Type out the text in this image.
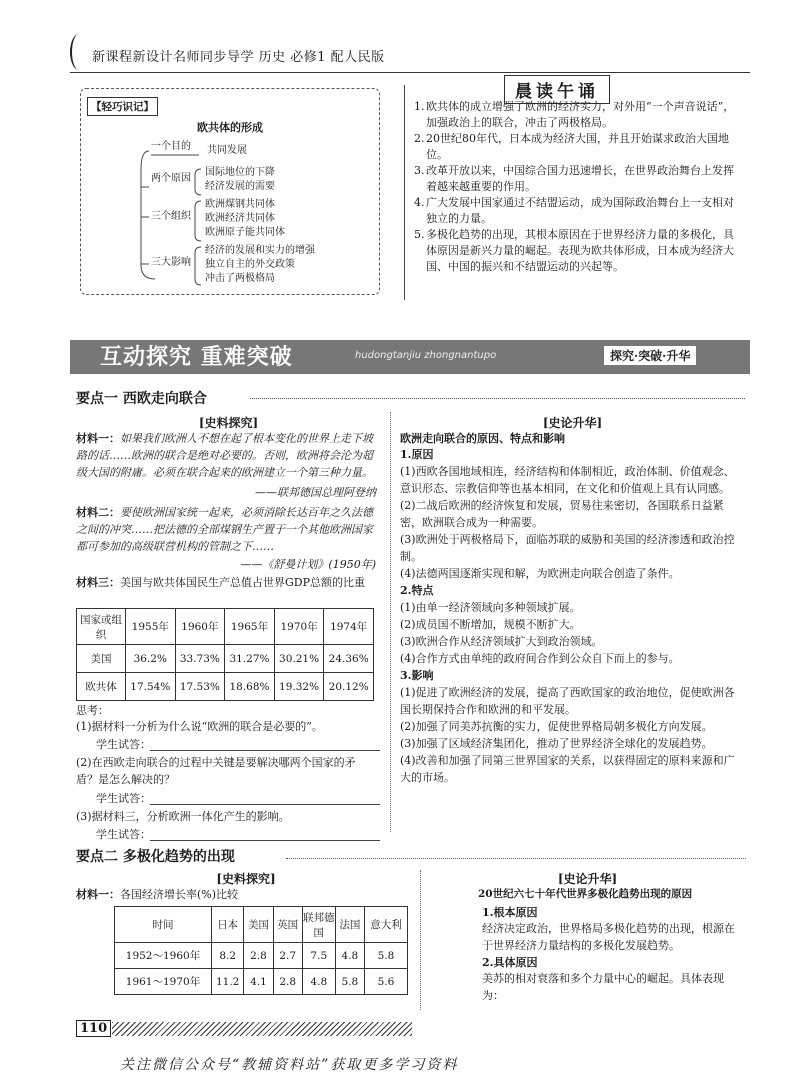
新课程新设计名师同步导学 历史 必修1 配人民版
【轻巧识记】
欧共体的形成
一个目的 共同发展
两个原因
国际地位的下降
经济发展的需要
三个组织
欧洲煤钢共同体
欧洲经济共同体
欧洲原子能共同体
三大影响
经济的发展和实力的增强
独立自主的外交政策
冲击了两极格局
晨读午诵
1. 欧共体的成立增强了欧洲的经济实力，对外用“一个声音说话”，加强政治上的联合，冲击了两极格局。
2. 20世纪80年代，日本成为经济大国，并且开始谋求政治大国地位。
3. 改革开放以来，中国综合国力迅速增长，在世界政治舞台上发挥着越来越重要的作用。
4. 广大发展中国家通过不结盟运动，成为国际政治舞台上一支相对独立的力量。
5. 多极化趋势的出现，其根本原因在于世界经济力量的多极化，具体原因是新兴力量的崛起。表现为欧共体形成，日本成为经济大国、中国的振兴和不结盟运动的兴起等。
互动探究 重难突破	hudongtanjiu zhongnantupo	探究·突破·升华
要点一 西欧走向联合
[史料探究]
材料一：如果我们欧洲人不想在起了根本变化的世界上走下坡路的话……欧洲的联合是绝对必要的。否则，欧洲将会沦为超级大国的附庸。必须在联合起来的欧洲建立一个第三种力量。
——联邦德国总理阿登纳
材料二：要使欧洲国家统一起来，必须消除长达百年之久法德之间的冲突……把法德的全部煤钢生产置于一个其他欧洲国家都可参加的高级联营机构的管制之下……
——《舒曼计划》(1950年)
材料三：美国与欧共体国民生产总值占世界GDP总额的比重
国家或组织	1955年	1960年	1965年	1970年	1974年
美国	36.2%	33.73%	31.27%	30.21%	24.36%
欧共体	17.54%	17.53%	18.68%	19.32%	20.12%
思考：
(1)据材料一分析为什么说“欧洲的联合是必要的”。
学生试答：
(2)在西欧走向联合的过程中关键是要解决哪两个国家的矛盾？是怎么解决的？
学生试答：
(3)据材料三，分析欧洲一体化产生的影响。
学生试答：
[史论升华]
欧洲走向联合的原因、特点和影响
1.原因
(1)西欧各国地域相连，经济结构和体制相近，政治体制、价值观念、意识形态、宗教信仰等也基本相同，在文化和价值观上具有认同感。
(2)二战后欧洲的经济恢复和发展，贸易往来密切，各国联系日益紧密，欧洲联合成为一种需要。
(3)欧洲处于两极格局下，面临苏联的威胁和美国的经济渗透和政治控制。
(4)法德两国逐渐实现和解，为欧洲走向联合创造了条件。
2.特点
(1)由单一经济领域向多种领域扩展。
(2)成员国不断增加，规模不断扩大。
(3)欧洲合作从经济领域扩大到政治领域。
(4)合作方式由单纯的政府间合作到公众自下而上的参与。
3.影响
(1)促进了欧洲经济的发展，提高了西欧国家的政治地位，促使欧洲各国长期保持合作和欧洲的和平发展。
(2)加强了同美苏抗衡的实力，促使世界格局朝多极化方向发展。
(3)加强了区域经济集团化，推动了世界经济全球化的发展趋势。
(4)改善和加强了同第三世界国家的关系，以获得固定的原料来源和广大的市场。
要点二 多极化趋势的出现
[史料探究]
材料一：各国经济增长率(%)比较
时间	日本	美国	英国	联邦德国	法国	意大利
1952～1960年	8.2	2.8	2.7	7.5	4.8	5.8
1961～1970年	11.2	4.1	2.8	4.8	5.8	5.6
[史论升华]
20世纪六七十年代世界多极化趋势出现的原因
1.根本原因
经济决定政治，世界格局多极化趋势的出现，根源在于世界经济力量结构的多极化发展趋势。
2.具体原因
美苏的相对衰落和多个力量中心的崛起。具体表现为：
110
关注微信公众号“教辅资料站”获取更多学习资料
